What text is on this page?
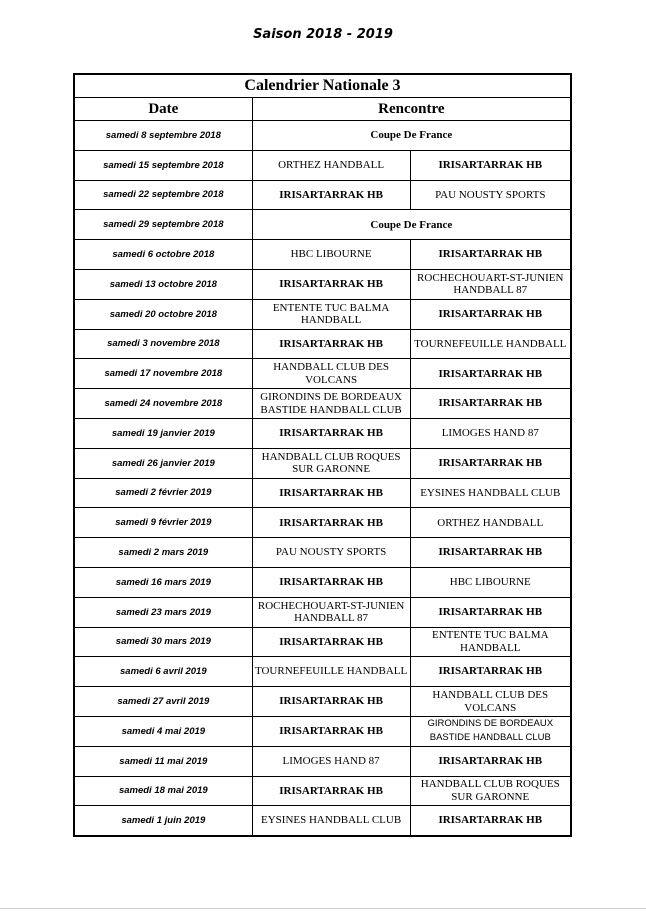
Saison 2018 - 2019
Calendrier Nationale 3		
Date	Rencontre	
samedi 8 septembre 2018	Coupe De France	
samedi 15 septembre 2018	ORTHEZ HANDBALL	IRISARTARRAK HB
samedi 22 septembre 2018	IRISARTARRAK HB	PAU NOUSTY SPORTS
samedi 29 septembre 2018	Coupe De France	
samedi 6 octobre 2018	HBC LIBOURNE	IRISARTARRAK HB
samedi 13 octobre 2018	IRISARTARRAK HB	ROCHECHOUART-ST-JUNIEN HANDBALL 87
samedi 20 octobre 2018	ENTENTE TUC BALMA HANDBALL	IRISARTARRAK HB
samedi 3 novembre 2018	IRISARTARRAK HB	TOURNEFEUILLE HANDBALL
samedi 17 novembre 2018	HANDBALL CLUB DES VOLCANS	IRISARTARRAK HB
samedi 24 novembre 2018	GIRONDINS DE BORDEAUX BASTIDE HANDBALL CLUB	IRISARTARRAK HB
samedi 19 janvier 2019	IRISARTARRAK HB	LIMOGES HAND 87
samedi 26 janvier 2019	HANDBALL CLUB ROQUES SUR GARONNE	IRISARTARRAK HB
samedi 2 février 2019	IRISARTARRAK HB	EYSINES HANDBALL CLUB
samedi 9 février 2019	IRISARTARRAK HB	ORTHEZ HANDBALL
samedi 2 mars 2019	PAU NOUSTY SPORTS	IRISARTARRAK HB
samedi 16 mars 2019	IRISARTARRAK HB	HBC LIBOURNE
samedi 23 mars 2019	ROCHECHOUART-ST-JUNIEN HANDBALL 87	IRISARTARRAK HB
samedi 30 mars 2019	IRISARTARRAK HB	ENTENTE TUC BALMA HANDBALL
samedi 6 avril 2019	TOURNEFEUILLE HANDBALL	IRISARTARRAK HB
samedi 27 avril 2019	IRISARTARRAK HB	HANDBALL CLUB DES VOLCANS
samedi 4 mai 2019	IRISARTARRAK HB	GIRONDINS DE BORDEAUX BASTIDE HANDBALL CLUB
samedi 11 mai 2019	LIMOGES HAND 87	IRISARTARRAK HB
samedi 18 mai 2019	IRISARTARRAK HB	HANDBALL CLUB ROQUES SUR GARONNE
samedi 1 juin 2019	EYSINES HANDBALL CLUB	IRISARTARRAK HB
